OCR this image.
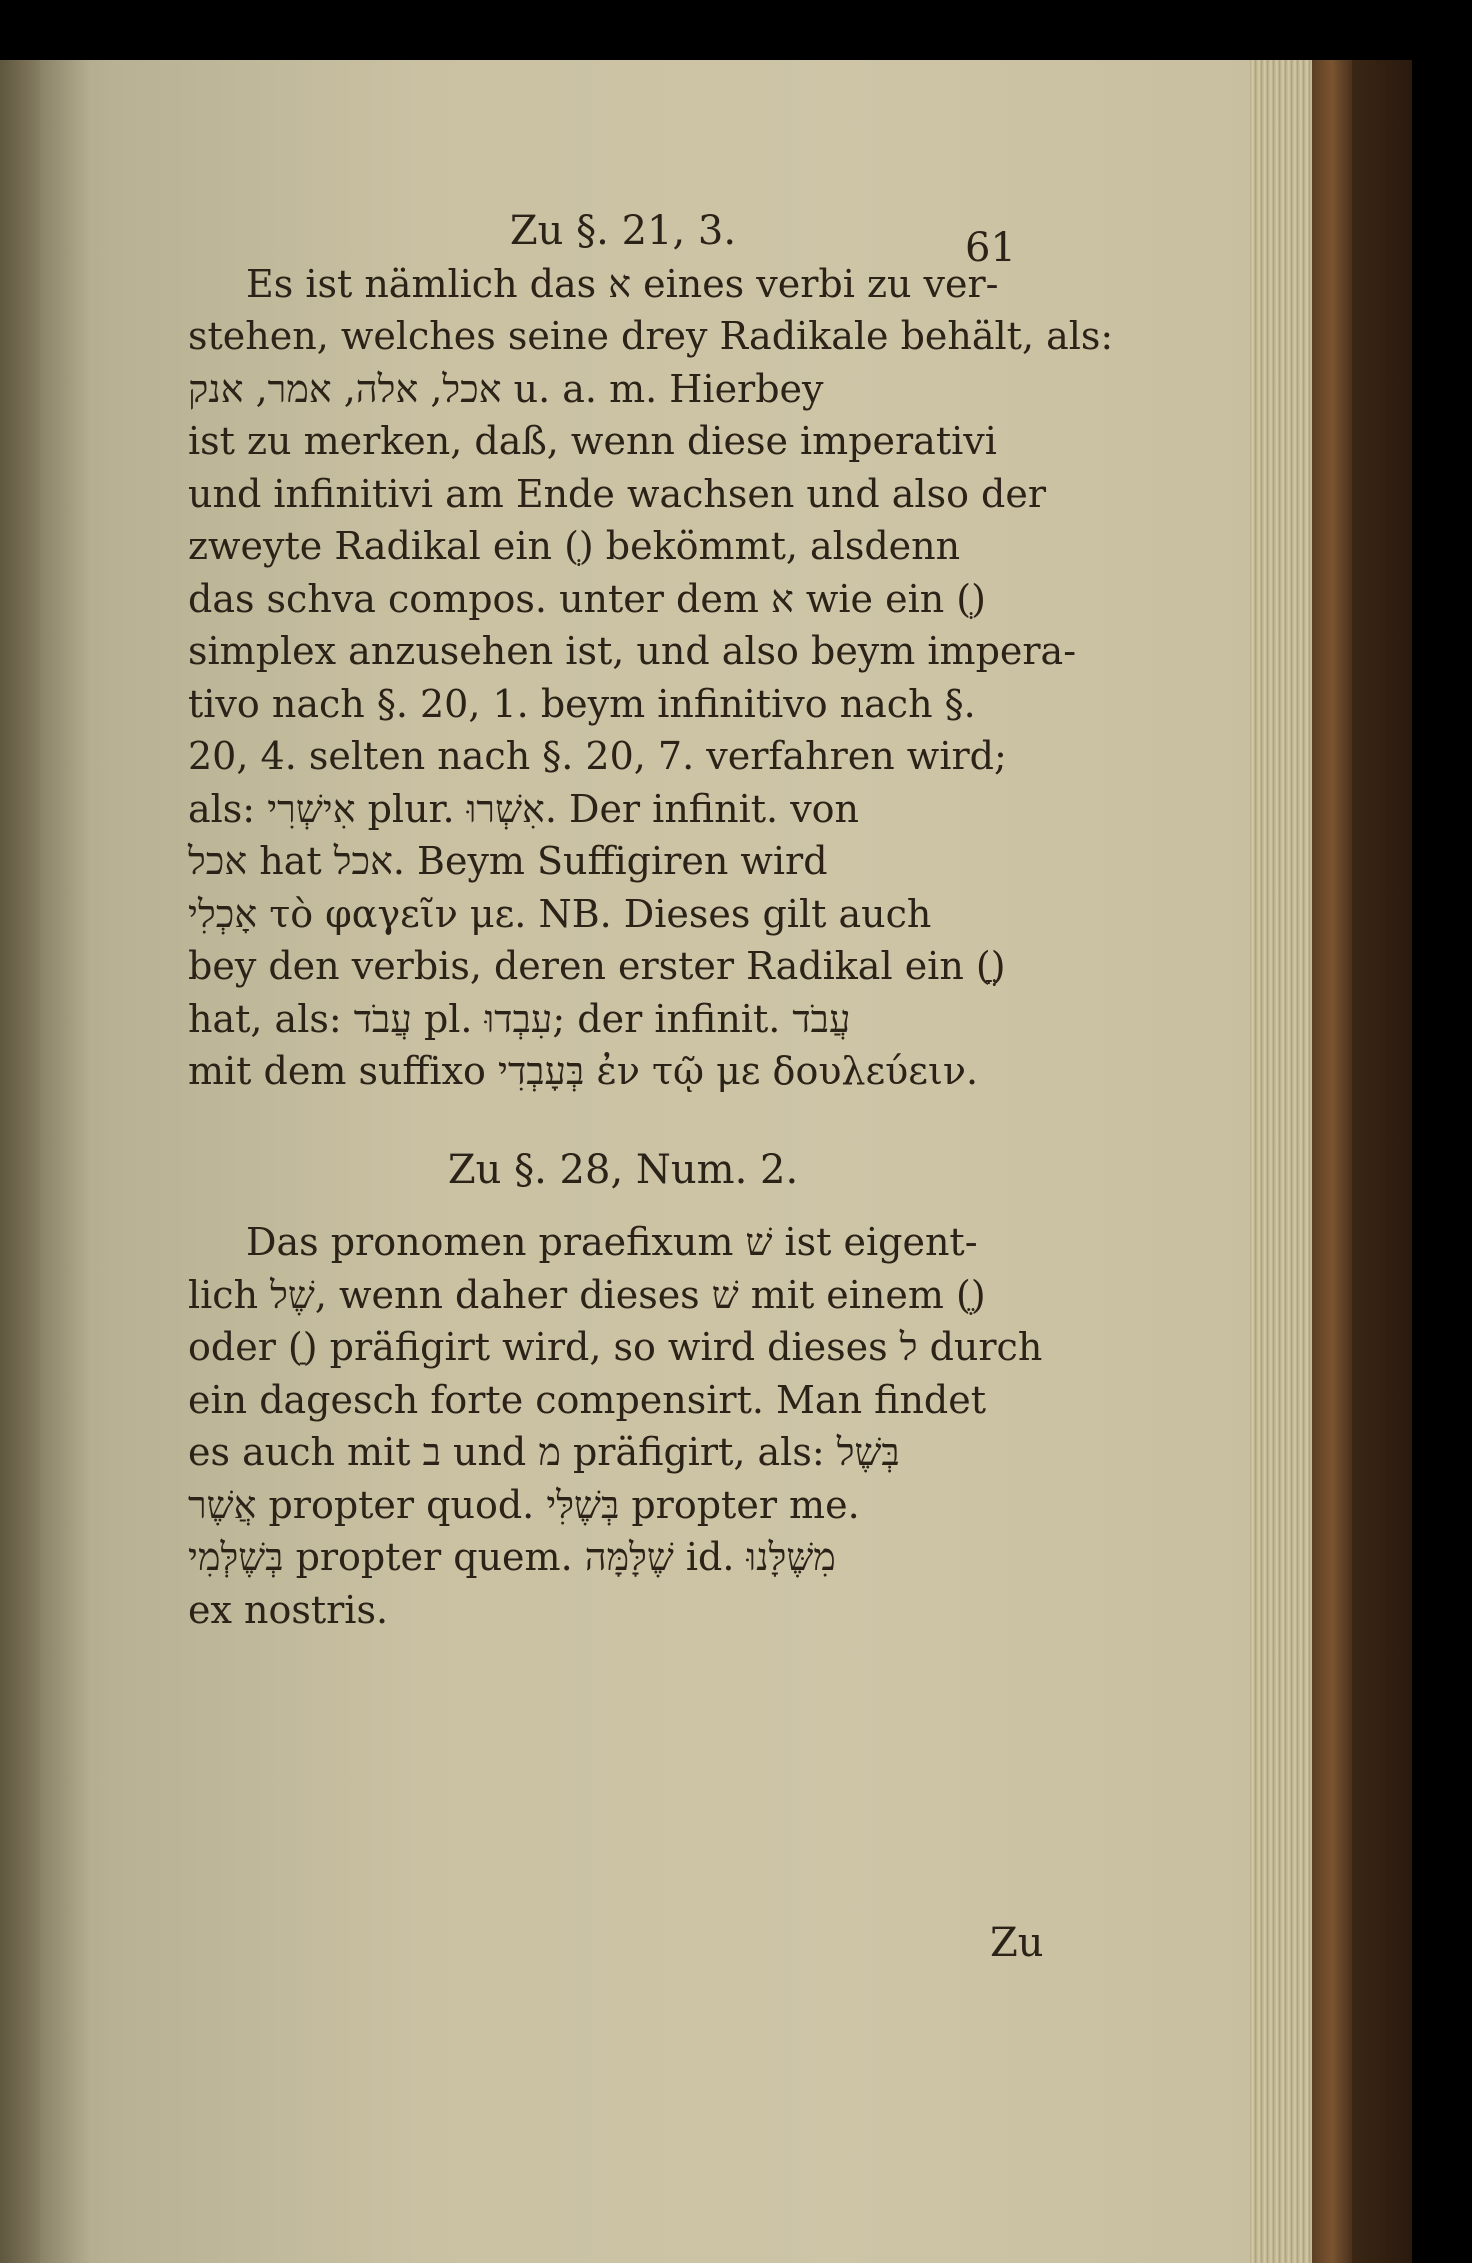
61

Zu §. 21, 3.

Es ist nämlich das א eines verbi zu ver-

stehen, welches seine drey Radikale behält, als:

אכל, אלה, אמר, אנק u. a. m. Hierbey

ist zu merken, daß, wenn diese imperativi

und infinitivi am Ende wachsen und also der

zweyte Radikal ein (ְ) bekömmt, alsdenn

das schva compos. unter dem א wie ein (ְ)

simplex anzusehen ist, und also beym impera-

tivo nach §. 20, 1. beym infinitivo nach §.

20, 4. selten nach §. 20, 7. verfahren wird;

als: אִישְׁרִי plur. אִשְׁרוּ. Der infinit. von

אכל hat אכל. Beym Suffigiren wird

אָכְלִי τὸ φαγεῖν με. NB. Dieses gilt auch

bey den verbis, deren erster Radikal ein (ֳ)

hat, als: עֲבֹד pl. עִבְדוּ; der infinit. עֲבֹד

mit dem suffixo בְּעָבְדִי ἐν τῷ με δουλεύειν.

Zu §. 28, Num. 2.

Das pronomen praefixum שׁ ist eigent-

lich שֶׁל, wenn daher dieses שׁ mit einem (ֶ)

oder (ַ) präfigirt wird, so wird dieses ל durch

ein dagesch forte compensirt. Man findet

es auch mit ב und מ präfigirt, als: בְּשֶׁל

אֲשֶׁר propter quod. בְּשֶׁלִּי propter me.

בְּשֶׁלְּמִי propter quem. שֶׁלָּמָּה id. מִשֶּׁלָּנוּ

ex nostris.

Zu
